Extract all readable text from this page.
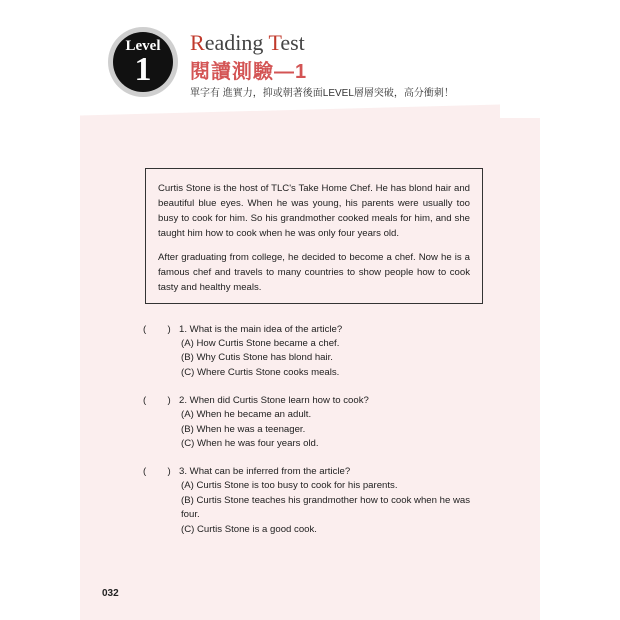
Level
1
Reading Test
閱讀測驗—1
單字有 進實力，抑或朝著後面LEVEL層層突破，高分衝刺！

Curtis Stone is the host of TLC's Take Home Chef. He has blond hair and beautiful blue eyes. When he was young, his parents were usually too busy to cook for him. So his grandmother cooked meals for him, and she taught him how to cook when he was only four years old.

After graduating from college, he decided to become a chef. Now he is a famous chef and travels to many countries to show people how to cook tasty and healthy meals.

(        ) 1. What is the main idea of the article?
(A) How Curtis Stone became a chef.
(B) Why Cutis Stone has blond hair.
(C) Where Curtis Stone cooks meals.
(        ) 2. When did Curtis Stone learn how to cook?
(A) When he became an adult.
(B) When he was a teenager.
(C) When he was four years old.
(        ) 3. What can be inferred from the article?
(A) Curtis Stone is too busy to cook for his parents.
(B) Curtis Stone teaches his grandmother how to cook when he was four.
(C) Curtis Stone is a good cook.
032
